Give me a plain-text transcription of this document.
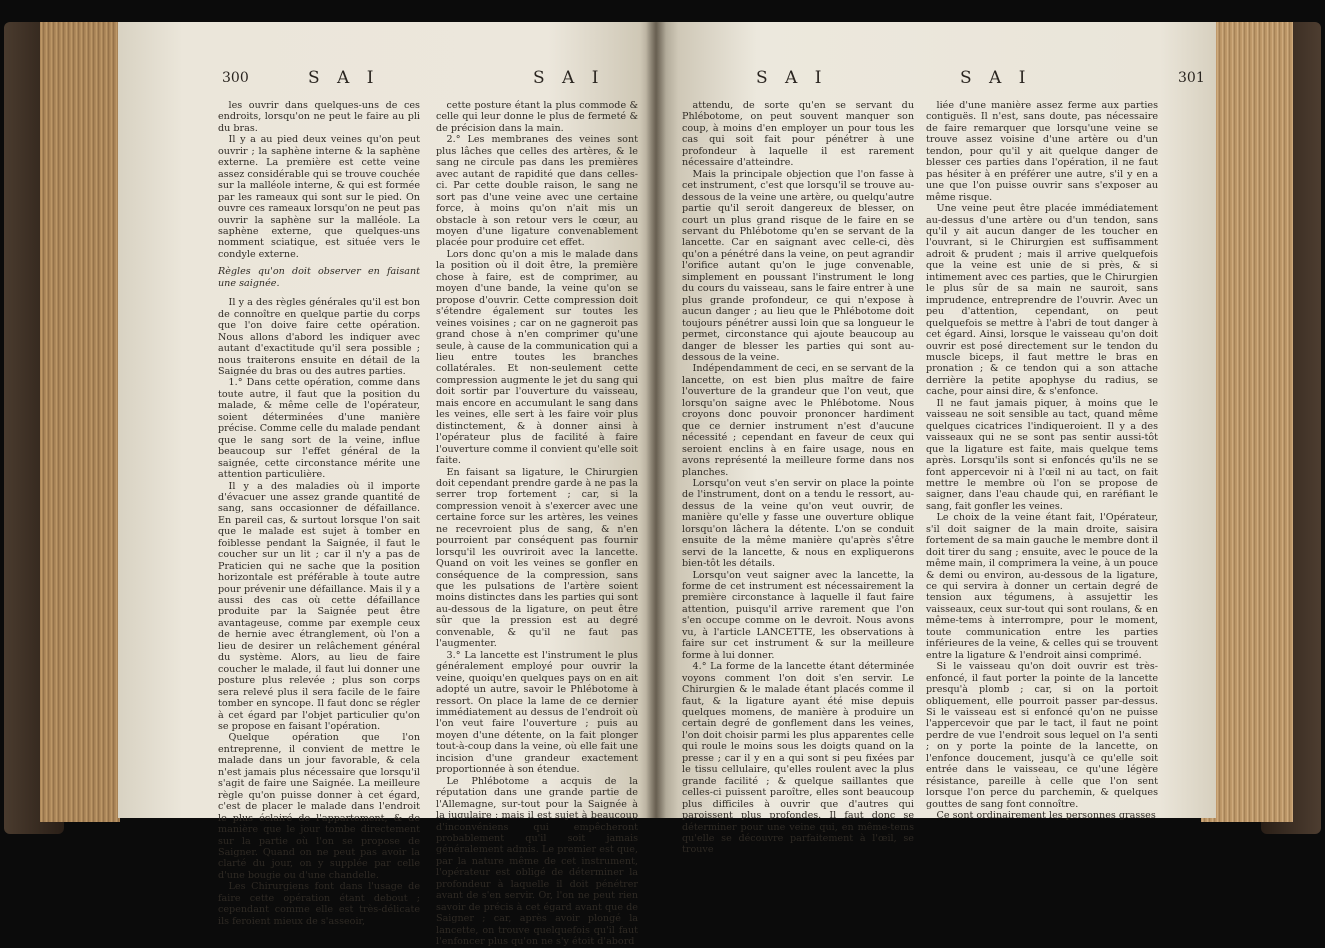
300	S A I	S A I

les ouvrir dans quelques-uns de ces endroits, lorsqu'on ne peut le faire au pli du bras.

Il y a au pied deux veines qu'on peut ouvrir ; la saphène interne & la saphène externe. La première est cette veine assez considérable qui se trouve couchée sur la malléole interne, & qui est formée par les rameaux qui sont sur le pied. On ouvre ces rameaux lorsqu'on ne peut pas ouvrir la saphène sur la malléole. La saphène externe, que quelques-uns nomment sciatique, est située vers le condyle externe.

Règles qu'on doit observer en faisant une saignée.

Il y a des règles générales qu'il est bon de connoître en quelque partie du corps que l'on doive faire cette opération. Nous allons d'abord les indiquer avec autant d'exactitude qu'il sera possible ; nous traiterons ensuite en détail de la Saignée du bras ou des autres parties.

1.° Dans cette opération, comme dans toute autre, il faut que la position du malade, & même celle de l'opérateur, soient déterminées d'une manière précise. Comme celle du malade pendant que le sang sort de la veine, influe beaucoup sur l'effet général de la saignée, cette circonstance mérite une attention particulière.

Il y a des maladies où il importe d'évacuer une assez grande quantité de sang, sans occasionner de défaillance. En pareil cas, & surtout lorsque l'on sait que le malade est sujet à tomber en foiblesse pendant la Saignée, il faut le coucher sur un lit ; car il n'y a pas de Praticien qui ne sache que la position horizontale est préférable à toute autre pour prévenir une défaillance. Mais il y a aussi des cas où cette défaillance produite par la Saignée peut être avantageuse, comme par exemple ceux de hernie avec étranglement, où l'on a lieu de desirer un relâchement général du système. Alors, au lieu de faire coucher le malade, il faut lui donner une posture plus relevée ; plus son corps sera relevé plus il sera facile de le faire tomber en syncope. Il faut donc se régler à cet égard par l'objet particulier qu'on se propose en faisant l'opération.

Quelque opération que l'on entreprenne, il convient de mettre le malade dans un jour favorable, & cela n'est jamais plus nécessaire que lorsqu'il s'agit de faire une Saignée. La meilleure règle qu'on puisse donner à cet égard, c'est de placer le malade dans l'endroit le plus éclairé de l'appartement, & de manière que le jour tombe directement sur la partie où l'on se propose de Saigner. Quand on ne peut pas avoir la clarté du jour, on y supplée par celle d'une bougie ou d'une chandelle.

Les Chirurgiens font dans l'usage de faire cette opération étant debout ; cependant comme elle est très-délicate ils feroient mieux de s'asseoir,

cette posture étant la plus commode & celle qui leur donne le plus de fermeté & de précision dans la main.

2.° Les membranes des veines sont plus lâches que celles des artères, & le sang ne circule pas dans les premières avec autant de rapidité que dans celles-ci. Par cette double raison, le sang ne sort pas d'une veine avec une certaine force, à moins qu'on n'ait mis un obstacle à son retour vers le cœur, au moyen d'une ligature convenablement placée pour produire cet effet.

Lors donc qu'on a mis le malade dans la position où il doit être, la première chose à faire, est de comprimer, au moyen d'une bande, la veine qu'on se propose d'ouvrir. Cette compression doit s'étendre également sur toutes les veines voisines ; car on ne gagneroit pas grand chose à n'en comprimer qu'une seule, à cause de la communication qui a lieu entre toutes les branches collatérales. Et non-seulement cette compression augmente le jet du sang qui doit sortir par l'ouverture du vaisseau, mais encore en accumulant le sang dans les veines, elle sert à les faire voir plus distinctement, & à donner ainsi à l'opérateur plus de facilité à faire l'ouverture comme il convient qu'elle soit faite.

En faisant sa ligature, le Chirurgien doit cependant prendre garde à ne pas la serrer trop fortement ; car, si la compression venoit à s'exercer avec une certaine force sur les artères, les veines ne recevroient plus de sang, & n'en pourroient par conséquent pas fournir lorsqu'il les ouvriroit avec la lancette. Quand on voit les veines se gonfler en conséquence de la compression, sans que les pulsations de l'artère soient moins distinctes dans les parties qui sont au-dessous de la ligature, on peut être sûr que la pression est au degré convenable, & qu'il ne faut pas l'augmenter.

3.° La lancette est l'instrument le plus généralement employé pour ouvrir la veine, quoiqu'en quelques pays on en ait adopté un autre, savoir le Phlébotome à ressort. On place la lame de ce dernier immédiatement au dessus de l'endroit où l'on veut faire l'ouverture ; puis au moyen d'une détente, on la fait plonger tout-à-coup dans la veine, où elle fait une incision d'une grandeur exactement proportionnée à son étendue.

Le Phlébotome a acquis de la réputation dans une grande partie de l'Allemagne, sur-tout pour la Saignée à la jugulaire ; mais il est sujet à beaucoup d'inconvéniens qui empêcheront probablement qu'il soit jamais généralement admis. Le premier est que, par la nature même de cet instrument, l'opérateur est obligé de déterminer la profondeur à laquelle il doit pénétrer avant de s'en servir. Or, l'on ne peut rien savoir de précis à cet égard avant que de Saigner ; car, après avoir plongé la lancette, on trouve quelquefois qu'il faut l'enfoncer plus qu'on ne s'y étoit d'abord

S A I	S A I	301

attendu, de sorte qu'en se servant du Phlébotome, on peut souvent manquer son coup, à moins d'en employer un pour tous les cas qui soit fait pour pénétrer à une profondeur à laquelle il est rarement nécessaire d'atteindre.

Mais la principale objection que l'on fasse à cet instrument, c'est que lorsqu'il se trouve au-dessous de la veine une artère, ou quelqu'autre partie qu'il seroit dangereux de blesser, on court un plus grand risque de le faire en se servant du Phlébotome qu'en se servant de la lancette. Car en saignant avec celle-ci, dès qu'on a pénétré dans la veine, on peut agrandir l'orifice autant qu'on le juge convenable, simplement en poussant l'instrument le long du cours du vaisseau, sans le faire entrer à une plus grande profondeur, ce qui n'expose à aucun danger ; au lieu que le Phlébotome doit toujours pénétrer aussi loin que sa longueur le permet, circonstance qui ajoute beaucoup au danger de blesser les parties qui sont au-dessous de la veine.

Indépendamment de ceci, en se servant de la lancette, on est bien plus maître de faire l'ouverture de la grandeur que l'on veut, que lorsqu'on saigne avec le Phlébotome. Nous croyons donc pouvoir prononcer hardiment que ce dernier instrument n'est d'aucune nécessité ; cependant en faveur de ceux qui seroient enclins à en faire usage, nous en avons représenté la meilleure forme dans nos planches.

Lorsqu'on veut s'en servir on place la pointe de l'instrument, dont on a tendu le ressort, au-dessus de la veine qu'on veut ouvrir, de manière qu'elle y fasse une ouverture oblique lorsqu'on lâchera la détente. L'on se conduit ensuite de la même manière qu'après s'être servi de la lancette, & nous en expliquerons bien-tôt les détails.

Lorsqu'on veut saigner avec la lancette, la forme de cet instrument est nécessairement la première circonstance à laquelle il faut faire attention, puisqu'il arrive rarement que l'on s'en occupe comme on le devroit. Nous avons vu, à l'article LANCETTE, les observations à faire sur cet instrument & sur la meilleure forme à lui donner.

4.° La forme de la lancette étant déterminée voyons comment l'on doit s'en servir. Le Chirurgien & le malade étant placés comme il faut, & la ligature ayant été mise depuis quelques momens, de manière à produire un certain degré de gonflement dans les veines, l'on doit choisir parmi les plus apparentes celle qui roule le moins sous les doigts quand on la presse ; car il y en a qui sont si peu fixées par le tissu cellulaire, qu'elles roulent avec la plus grande facilité ; & quelque saillantes que celles-ci puissent paroître, elles sont beaucoup plus difficiles à ouvrir que d'autres qui paroissent plus profondes. Il faut donc se déterminer pour une veine qui, en même-tems qu'elle se découvre parfaitement à l'œil, se trouve

liée d'une manière assez ferme aux parties contiguës. Il n'est, sans doute, pas nécessaire de faire remarquer que lorsqu'une veine se trouve assez voisine d'une artère ou d'un tendon, pour qu'il y ait quelque danger de blesser ces parties dans l'opération, il ne faut pas hésiter à en préférer une autre, s'il y en a une que l'on puisse ouvrir sans s'exposer au même risque.

Une veine peut être placée immédiatement au-dessus d'une artère ou d'un tendon, sans qu'il y ait aucun danger de les toucher en l'ouvrant, si le Chirurgien est suffisamment adroit & prudent ; mais il arrive quelquefois que la veine est unie de si près, & si intimement avec ces parties, que le Chirurgien le plus sûr de sa main ne sauroit, sans imprudence, entreprendre de l'ouvrir. Avec un peu d'attention, cependant, on peut quelquefois se mettre à l'abri de tout danger à cet égard. Ainsi, lorsque le vaisseau qu'on doit ouvrir est posé directement sur le tendon du muscle biceps, il faut mettre le bras en pronation ; & ce tendon qui a son attache derrière la petite apophyse du radius, se cache, pour ainsi dire, & s'enfonce.

Il ne faut jamais piquer, à moins que le vaisseau ne soit sensible au tact, quand même quelques cicatrices l'indiqueroient. Il y a des vaisseaux qui ne se sont pas sentir aussi-tôt que la ligature est faite, mais quelque tems après. Lorsqu'ils sont si enfoncés qu'ils ne se font appercevoir ni à l'œil ni au tact, on fait mettre le membre où l'on se propose de saigner, dans l'eau chaude qui, en raréfiant le sang, fait gonfler les veines.

Le choix de la veine étant fait, l'Opérateur, s'il doit saigner de la main droite, saisira fortement de sa main gauche le membre dont il doit tirer du sang ; ensuite, avec le pouce de la même main, il comprimera la veine, à un pouce & demi ou environ, au-dessous de la ligature, ce qui servira à donner un certain degré de tension aux tégumens, à assujettir les vaisseaux, ceux sur-tout qui sont roulans, & en même-tems à interrompre, pour le moment, toute communication entre les parties inférieures de la veine, & celles qui se trouvent entre la ligature & l'endroit ainsi comprimé.

Si le vaisseau qu'on doit ouvrir est très-enfoncé, il faut porter la pointe de la lancette presqu'à plomb ; car, si on la portoit obliquement, elle pourroit passer par-dessus. Si le vaisseau est si enfoncé qu'on ne puisse l'appercevoir que par le tact, il faut ne point perdre de vue l'endroit sous lequel on l'a senti ; on y porte la pointe de la lancette, on l'enfonce doucement, jusqu'à ce qu'elle soit entrée dans le vaisseau, ce qu'une légère résistance, pareille à celle que l'on sent lorsque l'on perce du parchemin, & quelques gouttes de sang font connoître.

Ce sont ordinairement les personnes grasses
